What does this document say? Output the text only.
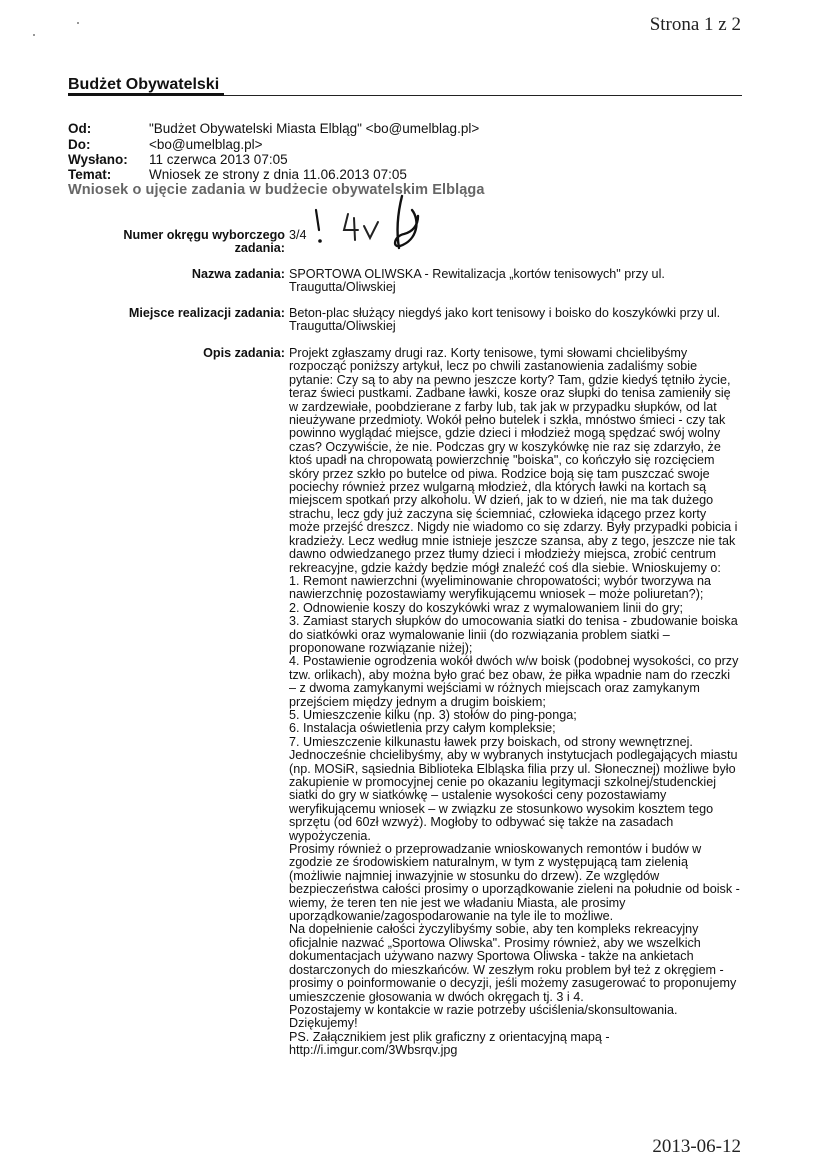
Strona 1 z 2
Budżet Obywatelski
Od:	"Budżet Obywatelski Miasta Elbląg" <bo@umelblag.pl>
Do:	<bo@umelblag.pl>
Wysłano:	11 czerwca 2013 07:05
Temat:	Wniosek ze strony z dnia 11.06.2013 07:05
Wniosek o ujęcie zadania w budżecie obywatelskim Elbląga
Numer okręgu wyborczego
zadania:
3/4
Nazwa zadania: SPORTOWA OLIWSKA - Rewitalizacja „kortów tenisowych" przy ul.

Traugutta/Oliwskiej

Miejsce realizacji zadania: Beton-plac służący niegdyś jako kort tenisowy i boisko do koszykówki przy ul.

Traugutta/Oliwskiej

Opis zadania: Projekt zgłaszamy drugi raz. Korty tenisowe, tymi słowami chcielibyśmy

rozpocząć poniższy artykuł, lecz po chwili zastanowienia zadaliśmy sobie

pytanie: Czy są to aby na pewno jeszcze korty? Tam, gdzie kiedyś tętniło życie,

teraz świeci pustkami. Zadbane ławki, kosze oraz słupki do tenisa zamieniły się

w zardzewiałe, poobdzierane z farby lub, tak jak w przypadku słupków, od lat

nieużywane przedmioty. Wokół pełno butelek i szkła, mnóstwo śmieci - czy tak

powinno wyglądać miejsce, gdzie dzieci i młodzież mogą spędzać swój wolny

czas? Oczywiście, że nie. Podczas gry w koszykówkę nie raz się zdarzyło, że

ktoś upadł na chropowatą powierzchnię "boiska", co kończyło się rozcięciem

skóry przez szkło po butelce od piwa. Rodzice boją się tam puszczać swoje

pociechy również przez wulgarną młodzież, dla których ławki na kortach są

miejscem spotkań przy alkoholu. W dzień, jak to w dzień, nie ma tak dużego

strachu, lecz gdy już zaczyna się ściemniać, człowieka idącego przez korty

może przejść dreszcz. Nigdy nie wiadomo co się zdarzy. Były przypadki pobicia i

kradzieży. Lecz według mnie istnieje jeszcze szansa, aby z tego, jeszcze nie tak

dawno odwiedzanego przez tłumy dzieci i młodzieży miejsca, zrobić centrum

rekreacyjne, gdzie każdy będzie mógł znaleźć coś dla siebie. Wnioskujemy o:

1. Remont nawierzchni (wyeliminowanie chropowatości; wybór tworzywa na

nawierzchnię pozostawiamy weryfikującemu wniosek – może poliuretan?);

2. Odnowienie koszy do koszykówki wraz z wymalowaniem linii do gry;

3. Zamiast starych słupków do umocowania siatki do tenisa - zbudowanie boiska

do siatkówki oraz wymalowanie linii (do rozwiązania problem siatki –

proponowane rozwiązanie niżej);

4. Postawienie ogrodzenia wokół dwóch w/w boisk (podobnej wysokości, co przy

tzw. orlikach), aby można było grać bez obaw, że piłka wpadnie nam do rzeczki

– z dwoma zamykanymi wejściami w różnych miejscach oraz zamykanym

przejściem między jednym a drugim boiskiem;

5. Umieszczenie kilku (np. 3) stołów do ping-ponga;

6. Instalacja oświetlenia przy całym kompleksie;

7. Umieszczenie kilkunastu ławek przy boiskach, od strony wewnętrznej.

Jednocześnie chcielibyśmy, aby w wybranych instytucjach podlegających miastu

(np. MOSiR, sąsiednia Biblioteka Elbląska filia przy ul. Słonecznej) możliwe było

zakupienie w promocyjnej cenie po okazaniu legitymacji szkolnej/studenckiej

siatki do gry w siatkówkę – ustalenie wysokości ceny pozostawiamy

weryfikującemu wniosek – w związku ze stosunkowo wysokim kosztem tego

sprzętu (od 60zł wzwyż). Mogłoby to odbywać się także na zasadach

wypożyczenia.

Prosimy również o przeprowadzanie wnioskowanych remontów i budów w

zgodzie ze środowiskiem naturalnym, w tym z występującą tam zielenią

(możliwie najmniej inwazyjnie w stosunku do drzew). Ze względów

bezpieczeństwa całości prosimy o uporządkowanie zieleni na południe od boisk -

wiemy, że teren ten nie jest we władaniu Miasta, ale prosimy

uporządkowanie/zagospodarowanie na tyle ile to możliwe.

Na dopełnienie całości życzylibyśmy sobie, aby ten kompleks rekreacyjny

oficjalnie nazwać „Sportowa Oliwska". Prosimy również, aby we wszelkich

dokumentacjach używano nazwy Sportowa Oliwska - także na ankietach

dostarczonych do mieszkańców. W zeszłym roku problem był też z okręgiem -

prosimy o poinformowanie o decyzji, jeśli możemy zasugerować to proponujemy

umieszczenie głosowania w dwóch okręgach tj. 3 i 4.

Pozostajemy w kontakcie w razie potrzeby uściślenia/skonsultowania.

Dziękujemy!

PS. Załącznikiem jest plik graficzny z orientacyjną mapą -

http://i.imgur.com/3Wbsrqv.jpg

2013-06-12
